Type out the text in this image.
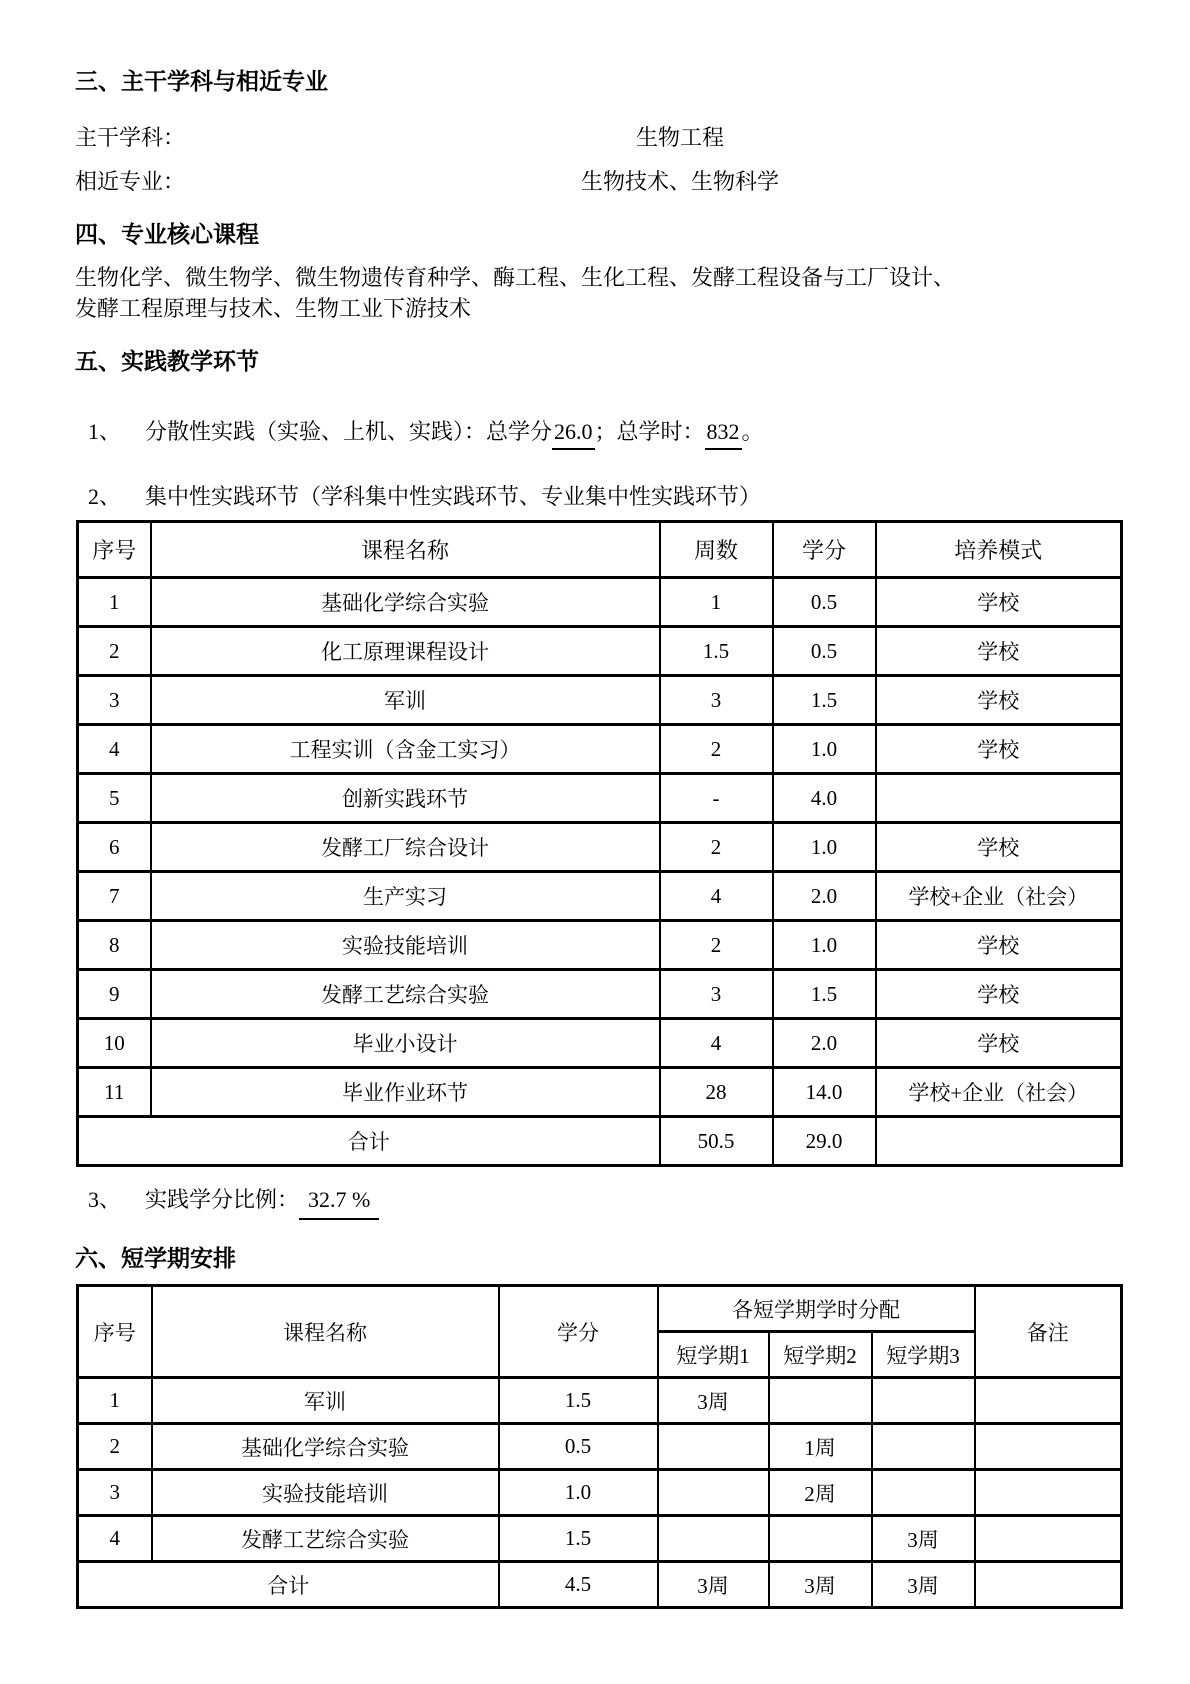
三、主干学科与相近专业
主干学科：	生物工程
相近专业：	生物技术、生物科学
四、专业核心课程
生物化学、微生物学、微生物遗传育种学、酶工程、生化工程、发酵工程设备与工厂设计、
发酵工程原理与技术、生物工业下游技术
五、实践教学环节
1、	分散性实践（实验、上机、实践）：总学分26.0；总学时：832。
2、	集中性实践环节（学科集中性实践环节、专业集中性实践环节）
序号	课程名称	周数	学分	培养模式
1	基础化学综合实验	1	0.5	学校
2	化工原理课程设计	1.5	0.5	学校
3	军训	3	1.5	学校
4	工程实训（含金工实习）	2	1.0	学校
5	创新实践环节	-	4.0	
6	发酵工厂综合设计	2	1.0	学校
7	生产实习	4	2.0	学校+企业（社会）
8	实验技能培训	2	1.0	学校
9	发酵工艺综合实验	3	1.5	学校
10	毕业小设计	4	2.0	学校
11	毕业作业环节	28	14.0	学校+企业（社会）
合计		50.5	29.0	
3、	实践学分比例： 32.7 %
六、短学期安排
序号	课程名称	学分	各短学期学时分配			备注
			短学期1	短学期2	短学期3	
1	军训	1.5	3周			
2	基础化学综合实验	0.5		1周		
3	实验技能培训	1.0		2周		
4	发酵工艺综合实验	1.5			3周	
合计		4.5	3周	3周	3周	
